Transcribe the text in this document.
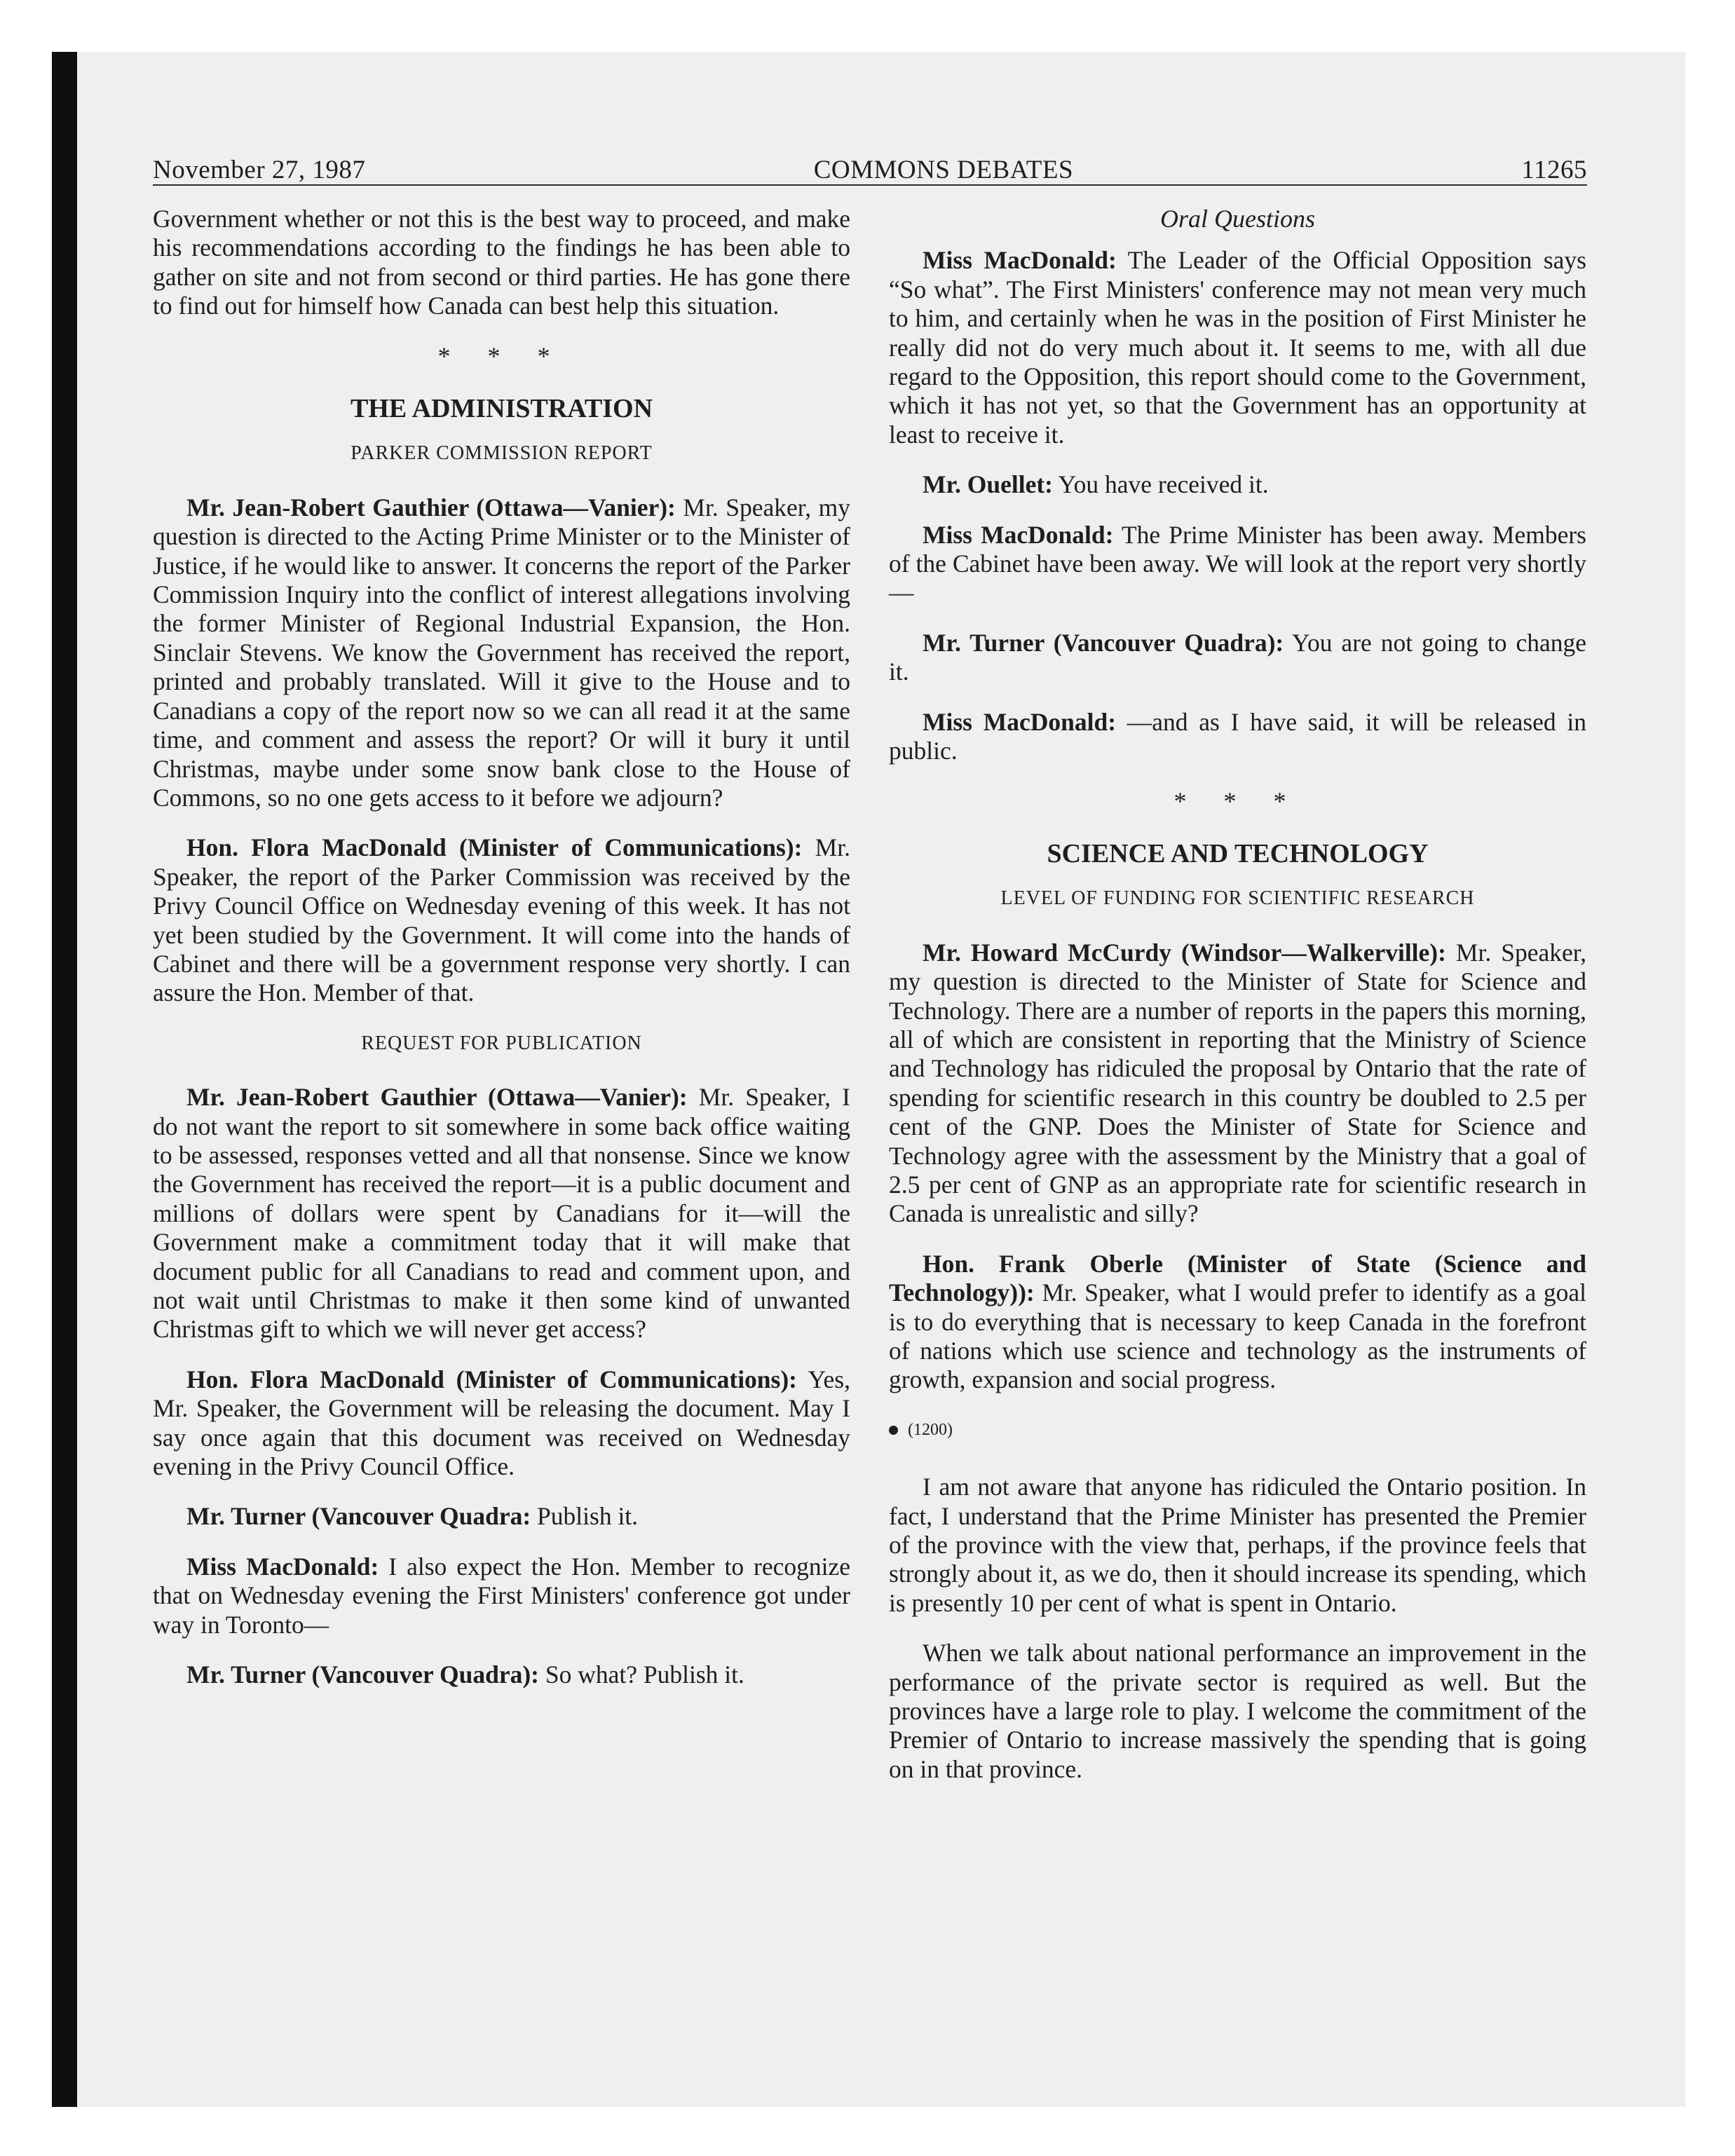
November 27, 1987	COMMONS DEBATES	11265

Government whether or not this is the best way to proceed, and make his recommendations according to the findings he has been able to gather on site and not from second or third parties. He has gone there to find out for himself how Canada can best help this situation.

* * *
THE ADMINISTRATION
PARKER COMMISSION REPORT

Mr. Jean-Robert Gauthier (Ottawa—Vanier): Mr. Speaker, my question is directed to the Acting Prime Minister or to the Minister of Justice, if he would like to answer. It concerns the report of the Parker Commission Inquiry into the conflict of interest allegations involving the former Minister of Regional Industrial Expansion, the Hon. Sinclair Stevens. We know the Government has received the report, printed and probably translated. Will it give to the House and to Canadians a copy of the report now so we can all read it at the same time, and comment and assess the report? Or will it bury it until Christmas, maybe under some snow bank close to the House of Commons, so no one gets access to it before we adjourn?

Hon. Flora MacDonald (Minister of Communications): Mr. Speaker, the report of the Parker Commission was received by the Privy Council Office on Wednesday evening of this week. It has not yet been studied by the Government. It will come into the hands of Cabinet and there will be a government response very shortly. I can assure the Hon. Member of that.

REQUEST FOR PUBLICATION

Mr. Jean-Robert Gauthier (Ottawa—Vanier): Mr. Speaker, I do not want the report to sit somewhere in some back office waiting to be assessed, responses vetted and all that nonsense. Since we know the Government has received the report—it is a public document and millions of dollars were spent by Canadians for it—will the Government make a commitment today that it will make that document public for all Canadians to read and comment upon, and not wait until Christmas to make it then some kind of unwanted Christmas gift to which we will never get access?

Hon. Flora MacDonald (Minister of Communications): Yes, Mr. Speaker, the Government will be releasing the document. May I say once again that this document was received on Wednesday evening in the Privy Council Office.

Mr. Turner (Vancouver Quadra: Publish it.

Miss MacDonald: I also expect the Hon. Member to recognize that on Wednesday evening the First Ministers' conference got under way in Toronto—

Mr. Turner (Vancouver Quadra): So what? Publish it.

Oral Questions

Miss MacDonald: The Leader of the Official Opposition says “So what”. The First Ministers' conference may not mean very much to him, and certainly when he was in the position of First Minister he really did not do very much about it. It seems to me, with all due regard to the Opposition, this report should come to the Government, which it has not yet, so that the Government has an opportunity at least to receive it.

Mr. Ouellet: You have received it.

Miss MacDonald: The Prime Minister has been away. Members of the Cabinet have been away. We will look at the report very shortly—

Mr. Turner (Vancouver Quadra): You are not going to change it.

Miss MacDonald: —and as I have said, it will be released in public.

* * *
SCIENCE AND TECHNOLOGY
LEVEL OF FUNDING FOR SCIENTIFIC RESEARCH

Mr. Howard McCurdy (Windsor—Walkerville): Mr. Speaker, my question is directed to the Minister of State for Science and Technology. There are a number of reports in the papers this morning, all of which are consistent in reporting that the Ministry of Science and Technology has ridiculed the proposal by Ontario that the rate of spending for scientific research in this country be doubled to 2.5 per cent of the GNP. Does the Minister of State for Science and Technology agree with the assessment by the Ministry that a goal of 2.5 per cent of GNP as an appropriate rate for scientific research in Canada is unrealistic and silly?

Hon. Frank Oberle (Minister of State (Science and Technology)): Mr. Speaker, what I would prefer to identify as a goal is to do everything that is necessary to keep Canada in the forefront of nations which use science and technology as the instruments of growth, expansion and social progress.

(1200)

I am not aware that anyone has ridiculed the Ontario position. In fact, I understand that the Prime Minister has presented the Premier of the province with the view that, perhaps, if the province feels that strongly about it, as we do, then it should increase its spending, which is presently 10 per cent of what is spent in Ontario.

When we talk about national performance an improvement in the performance of the private sector is required as well. But the provinces have a large role to play. I welcome the commitment of the Premier of Ontario to increase massively the spending that is going on in that province.
